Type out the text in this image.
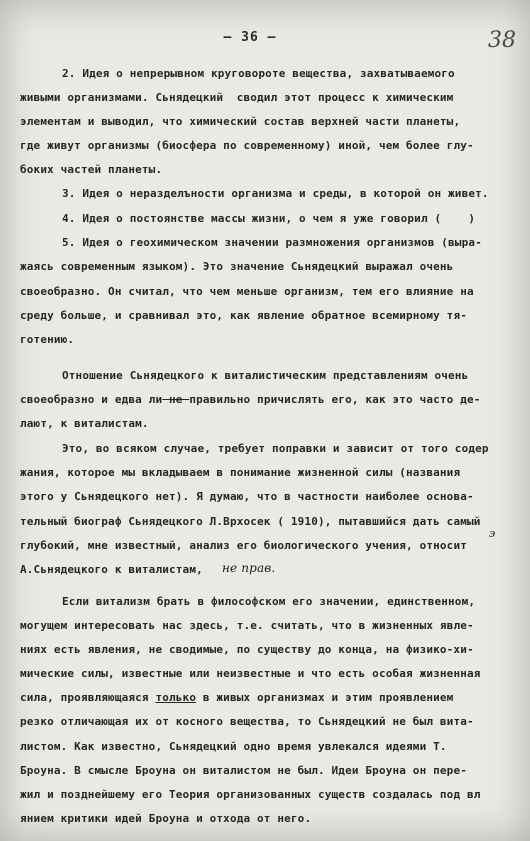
— 36 —	38

2. Идея о непрерывном круговороте вещества, захватываемого

живыми организмами. Сьнядецкий  сводил этот процесс к химическим

элементам и выводил, что химический состав верхней части планеты,

где живут организмы (биосфера по современному) иной, чем более глу-

боких частей планеты.

3. Идея о неразделъности организма и среды, в которой он живет.

4. Идея о постоянстве массы жизни, о чем я уже говорил (    )

5. Идея о геохимическом значении размножения организмов (выра-

жаясь современным языком). Это значение Сьнядецкий выражал очень

своеобразно. Он считал, что чем меньше организм, тем его влияние на

среду больше, и сравнивал это, как явление обратное всемирному тя-

готению.

Отношение Сьнядецкого к виталистическим представлениям очень

своеобразно и едва ли не правильно причислять его, как это часто де-

лают, к виталистам.

Это, во всяком случае, требует поправки и зависит от того содер

жания, которое мы вкладываем в понимание жизненной силы (названия

этого у Сьнядецкого нет). Я думаю, что в частности наиболее основа-

тельный биограф Сьнядецкого Л.Врхосек ( 1910), пытавшийся дать самый

глубокий, мне известный, анализ его биологического учения, относит

А.Сьнядецкого к виталистам,

Если витализм брать в философском его значении, единственном,

могущем интересовать нас здесь, т.е. считать, что в жизненных явле-

ниях есть явления, не сводимые, по существу до конца, на физико-хи-

мические силы, известные или неизвестные и что есть особая жизненная

сила, проявляющаяся только в живых организмах и этим проявлением

резко отличающая их от косного вещества, то Сьнядецкий не был вита-

листом. Как известно, Сьнядецкий одно время увлекался идеями Т.

Броуна. В смысле Броуна он виталистом не был. Идеи Броуна он пере-

жил и позднейшему его Теория организованных существ создалась под вл

янием критики идей Броуна и отхода от него.

не прав.
э
